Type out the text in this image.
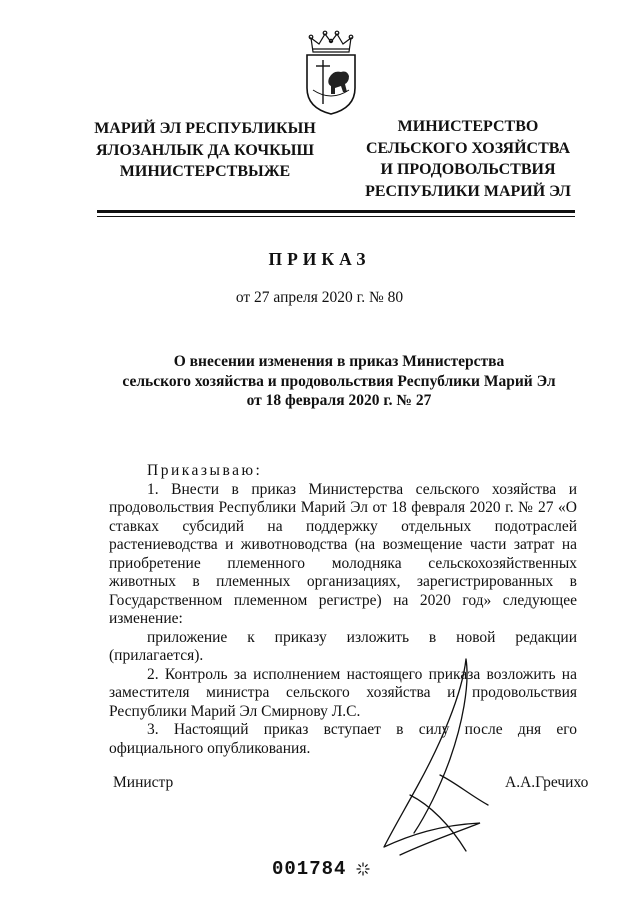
МАРИЙ ЭЛ РЕСПУБЛИКЫН
ЯЛОЗАНЛЫК ДА КОЧКЫШ
МИНИСТЕРСТВЫЖЕ
МИНИСТЕРСТВО
СЕЛЬСКОГО ХОЗЯЙСТВА
И ПРОДОВОЛЬСТВИЯ
РЕСПУБЛИКИ МАРИЙ ЭЛ
ПРИКАЗ
от 27 апреля 2020 г. № 80
О внесении изменения в приказ Министерства
сельского хозяйства и продовольствия Республики Марий Эл
от 18 февраля 2020 г. № 27

Приказываю:

1. Внести в приказ Министерства сельского хозяйства и продовольствия Республики Марий Эл от 18 февраля 2020 г. № 27 «О ставках субсидий на поддержку отдельных подотраслей растениеводства и животноводства (на возмещение части затрат на приобретение племенного молодняка сельскохозяйственных животных в племенных организациях, зарегистрированных в Государственном племенном регистре) на 2020 год» следующее изменение:

приложение к приказу изложить в новой редакции (прилагается).

2. Контроль за исполнением настоящего приказа возложить на заместителя министра сельского хозяйства и продовольствия Республики Марий Эл Смирнову Л.С.

3. Настоящий приказ вступает в силу после дня его официального опубликования.

Министр	А.А.Гречихо
001784
